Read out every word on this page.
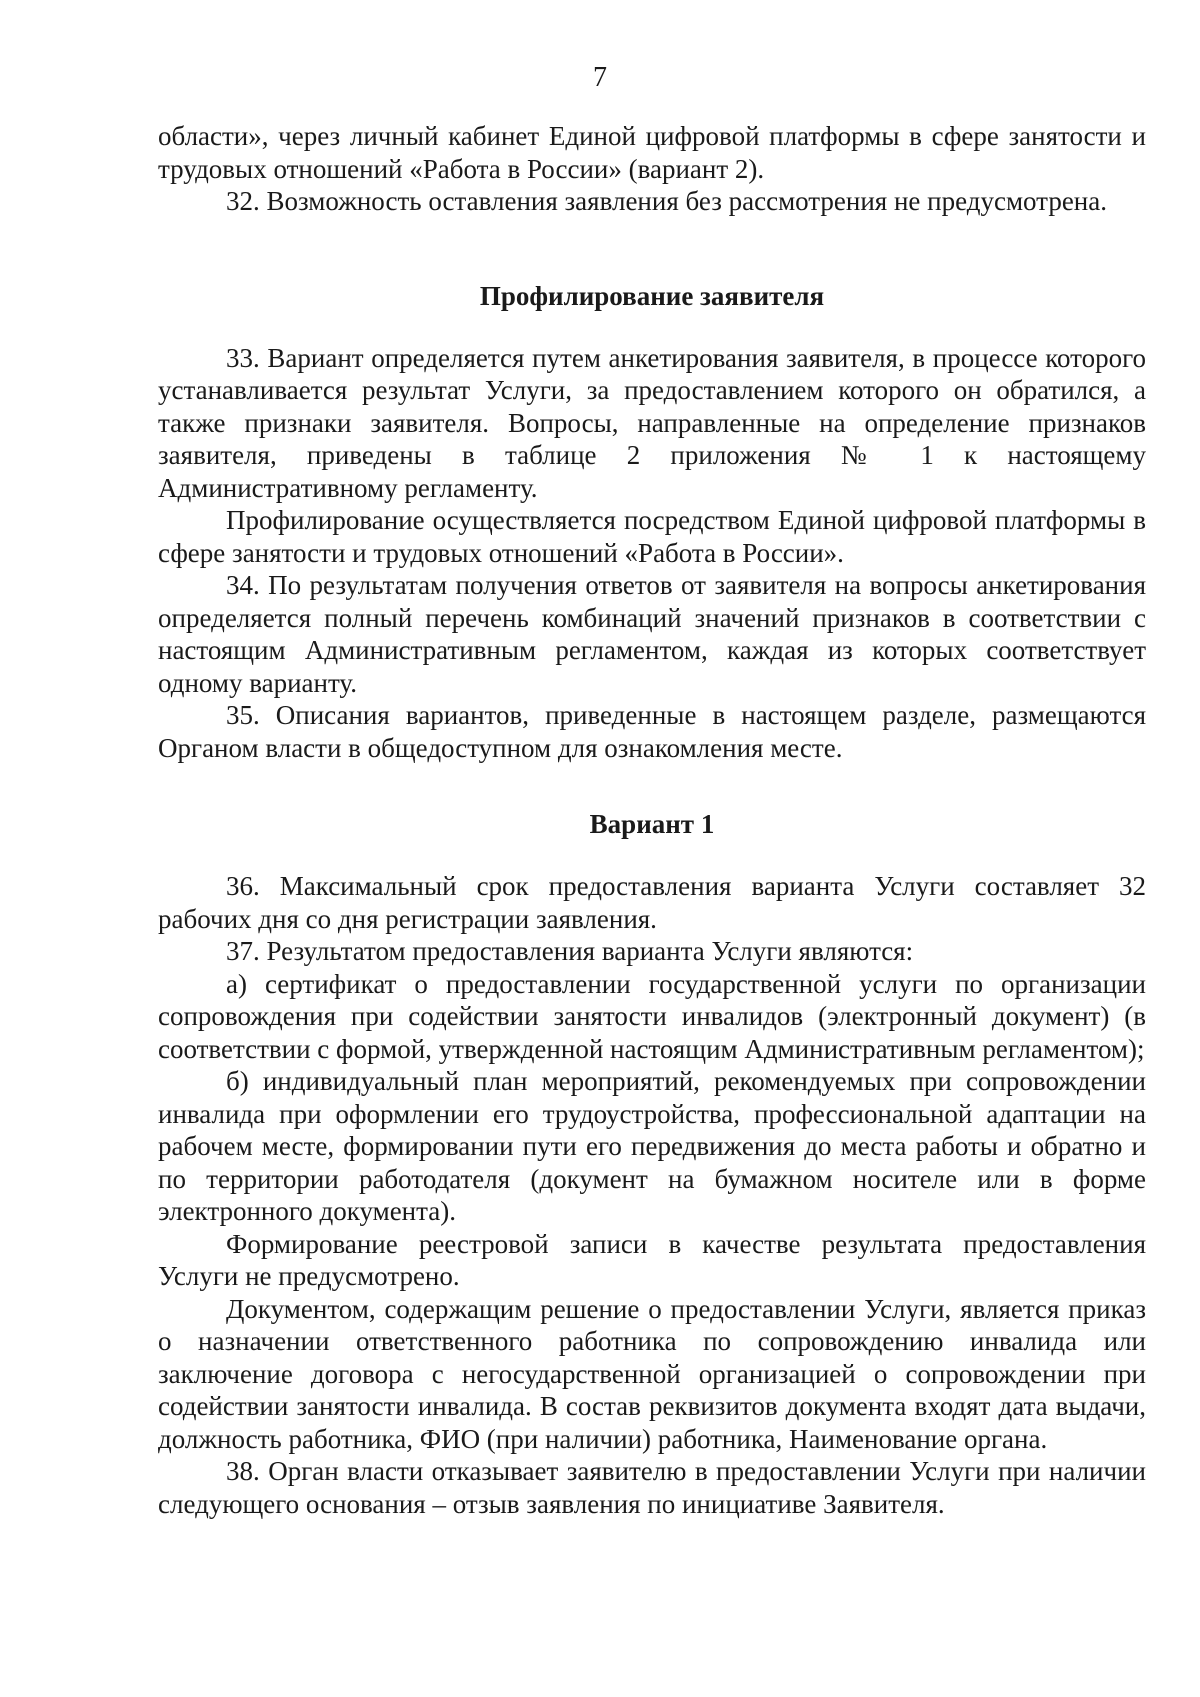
7

области», через личный кабинет Единой цифровой платформы в сфере занятости и трудовых отношений «Работа в России» (вариант 2).

32. Возможность оставления заявления без рассмотрения не предусмотрена.

Профилирование заявителя

33. Вариант определяется путем анкетирования заявителя, в процессе которого устанавливается результат Услуги, за предоставлением которого он обратился, а также признаки заявителя. Вопросы, направленные на определение признаков заявителя, приведены в таблице 2 приложения № 1 к настоящему Административному регламенту.

Профилирование осуществляется посредством Единой цифровой платформы в сфере занятости и трудовых отношений «Работа в России».

34. По результатам получения ответов от заявителя на вопросы анкетирования определяется полный перечень комбинаций значений признаков в соответствии с настоящим Административным регламентом, каждая из которых соответствует одному варианту.

35. Описания вариантов, приведенные в настоящем разделе, размещаются Органом власти в общедоступном для ознакомления месте.

Вариант 1

36. Максимальный срок предоставления варианта Услуги составляет 32 рабочих дня со дня регистрации заявления.

37. Результатом предоставления варианта Услуги являются:

а) сертификат о предоставлении государственной услуги по организации сопровождения при содействии занятости инвалидов (электронный документ) (в соответствии с формой, утвержденной настоящим Административным регламентом);

б) индивидуальный план мероприятий, рекомендуемых при сопровождении инвалида при оформлении его трудоустройства, профессиональной адаптации на рабочем месте, формировании пути его передвижения до места работы и обратно и по территории работодателя (документ на бумажном носителе или в форме электронного документа).

Формирование реестровой записи в качестве результата предоставления Услуги не предусмотрено.

Документом, содержащим решение о предоставлении Услуги, является приказ о назначении ответственного работника по сопровождению инвалида или заключение договора с негосударственной организацией о сопровождении при содействии занятости инвалида. В состав реквизитов документа входят дата выдачи, должность работника, ФИО (при наличии) работника, Наименование органа.

38. Орган власти отказывает заявителю в предоставлении Услуги при наличии следующего основания – отзыв заявления по инициативе Заявителя.
